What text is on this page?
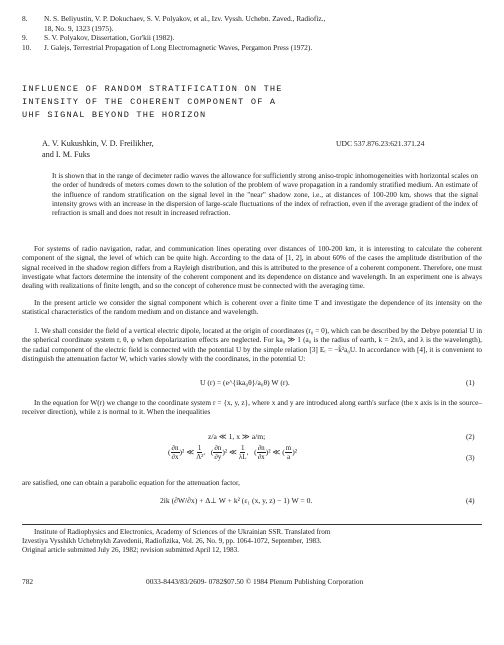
8. N. S. Beliyustin, V. P. Dokuchaev, S. V. Polyakov, et al., Izv. Vyssh. Uchebn. Zaved., Radiofiz.,
18, No. 9, 1323 (1975).
9. S. V. Polyakov, Dissertation, Gor'kii (1982).
10. J. Galejs, Terrestrial Propagation of Long Electromagnetic Waves, Pergamon Press (1972).
INFLUENCE OF RANDOM STRATIFICATION ON THE
INTENSITY OF THE COHERENT COMPONENT OF A
UHF SIGNAL BEYOND THE HORIZON
A. V. Kukushkin, V. D. Freilikher,
and I. M. Fuks
UDC 537.876.23:621.371.24
It is shown that in the range of decimeter radio waves the allowance for sufficiently strong aniso-tropic inhomogeneities with horizontal scales on the order of hundreds of meters comes down to the solution of the problem of wave propagation in a randomly stratified medium. An estimate of the influence of random stratification on the signal level in the "near" shadow zone, i.e., at distances of 100-200 km, shows that the signal intensity grows with an increase in the dispersion of large-scale fluctuations of the index of refraction, even if the average gradient of the index of refraction is small and does not result in increased refraction.
For systems of radio navigation, radar, and communication lines operating over distances of 100-200 km, it is interesting to calculate the coherent component of the signal, the level of which can be quite high. According to the data of [1, 2], in about 60% of the cases the amplitude distribution of the signal received in the shadow region differs from a Rayleigh distribution, and this is attributed to the presence of a coherent component. Therefore, one must investigate what factors determine the intensity of the coherent component and its dependence on distance and wavelength. In an experiment one is always dealing with realizations of finite length, and so the concept of coherence must be connected with the averaging time.
In the present article we consider the signal component which is coherent over a finite time T and investigate the dependence of its intensity on the statistical characteristics of the random medium and on distance and wavelength.
1. We shall consider the field of a vertical electric dipole, located at the origin of coordinates (r₀ = 0), which can be described by the Debye potential U in the spherical coordinate system r, θ, φ when depolarization effects are neglected. For ka₀ ≫ 1 (a₀ is the radius of earth, k = 2π/λ, and λ is the wavelength), the radial component of the electric field is connected with the potential U by the simple relation [3] Eᵣ = −k̃²a₀U. In accordance with [4], it is convenient to distinguish the attenuation factor W, which varies slowly with the coordinates, in the potential U:
U (r) = (e^{ika₀θ}/a₀θ) W (r).	(1)
In the equation for W(r) we change to the coordinate system r = {x, y, z}, where x and y are introduced along earth's surface (the x axis is in the source–receiver direction), while z is normal to it. When the inequalities
z/a ≪ 1, x ≫ a/m;	(2)
( $\frac{\partial n}{\partial x} )^2$ ≪ $\frac{1}{\text{Λ²}}$ ,   ( $\frac{\partial n}{\partial y} )^2$ ≪ $\frac{1}{\lambda L}$ ,   ( $\frac{\partial n}{\partial x} )^2$ ≪ ( $\frac{m}{a} )^2$
(3)
are satisfied, one can obtain a parabolic equation for the attenuation factor,
2ik (∂W/∂x) + Δ⊥ W + k² (ε₁ (x, y, z) − 1) W = 0.	(4)
Institute of Radiophysics and Electronics, Academy of Sciences of the Ukrainian SSR. Translated from
Izvestiya Vysshikh Uchebnykh Zavedenii, Radiofizika, Vol. 26, No. 9, pp. 1064-1072, September, 1983.
Original article submitted July 26, 1982; revision submitted April 12, 1983.
782	0033-8443/83/2609- 0782$07.50 © 1984 Plenum Publishing Corporation
